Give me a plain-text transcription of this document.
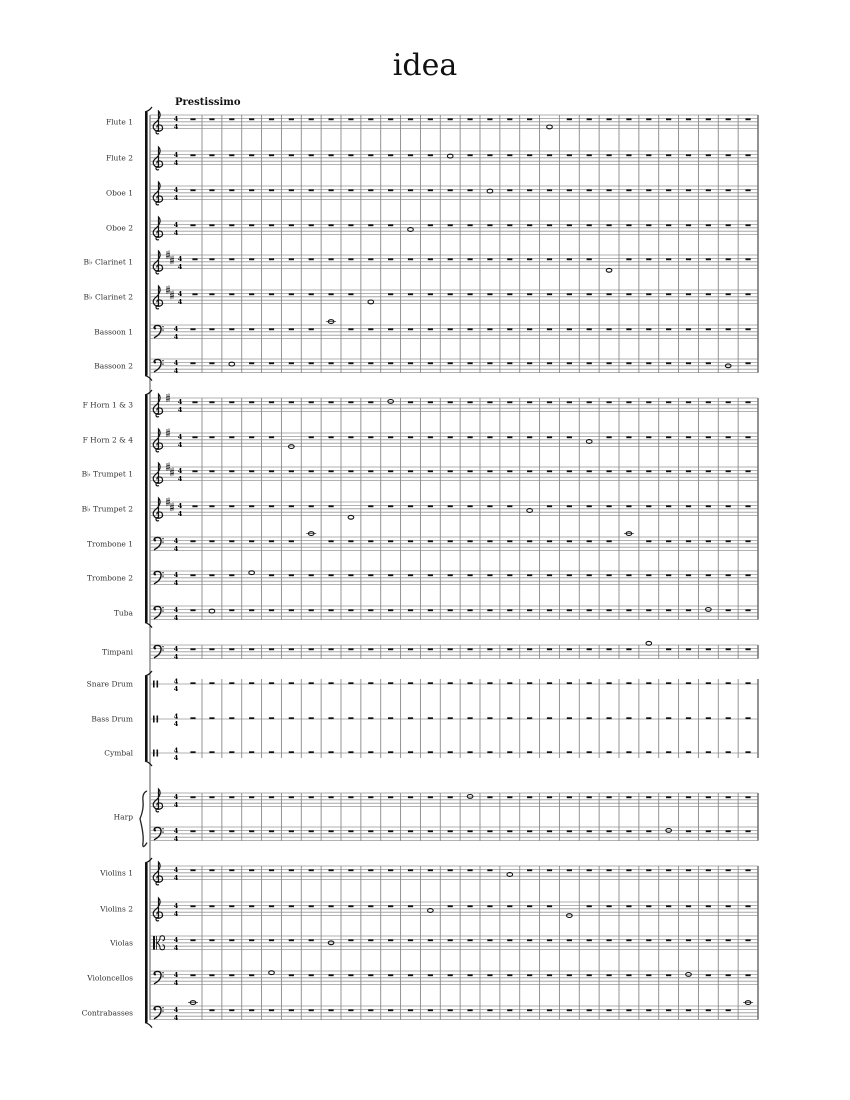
idea
Prestissimo
Flute 1	4
4
Flute 2	4
4
Oboe 1	4
4
Oboe 2	4
4
B♭ Clarinet 1	4
4
B♭ Clarinet 2	4
4
Bassoon 1	4
4
Bassoon 2	4
4
F Horn 1 & 3	4
4
F Horn 2 & 4	4
4
B♭ Trumpet 1	4
4
B♭ Trumpet 2	4
4
Trombone 1	4
4
Trombone 2	4
4
Tuba	4
4
Timpani	4
4
Snare Drum	4
4
Bass Drum	4
4
Cymbal	4
4
Harp
4
4
4
4
Violins 1	4
4
Violins 2	4
4
Violas	4
4
Violoncellos	4
4
Contrabasses	4
4
